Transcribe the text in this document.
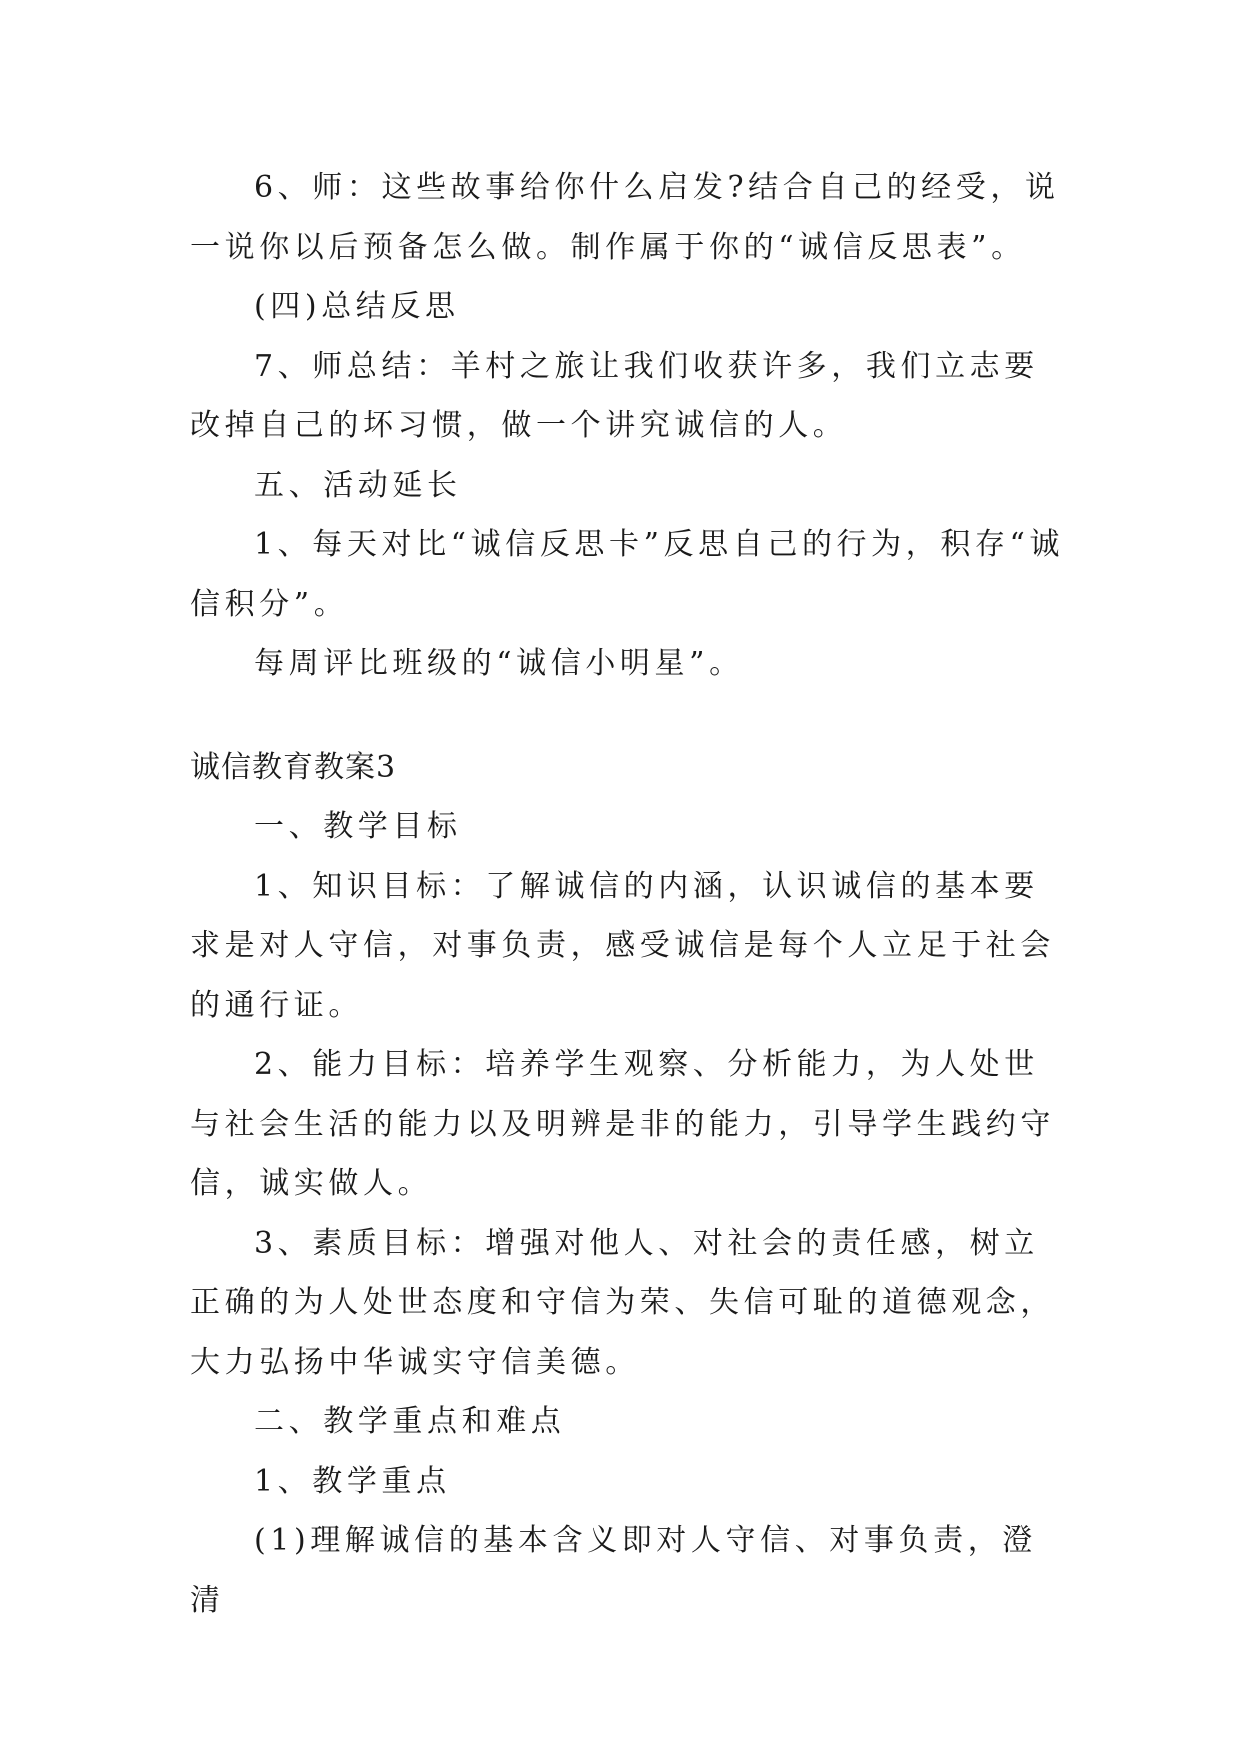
6、师：这些故事给你什么启发?结合自己的经受，说一说你以后预备怎么做。制作属于你的“诚信反思表”。

(四)总结反思

7、师总结：羊村之旅让我们收获许多，我们立志要改掉自己的坏习惯，做一个讲究诚信的人。

五、活动延长

1、每天对比“诚信反思卡”反思自己的行为，积存“诚信积分”。

每周评比班级的“诚信小明星”。

诚信教育教案3

一、教学目标

1、知识目标：了解诚信的内涵，认识诚信的基本要求是对人守信，对事负责，感受诚信是每个人立足于社会的通行证。

2、能力目标：培养学生观察、分析能力，为人处世与社会生活的能力以及明辨是非的能力，引导学生践约守信，诚实做人。

3、素质目标：增强对他人、对社会的责任感，树立正确的为人处世态度和守信为荣、失信可耻的道德观念，大力弘扬中华诚实守信美德。

二、教学重点和难点

1、教学重点

(1)理解诚信的基本含义即对人守信、对事负责，澄清
